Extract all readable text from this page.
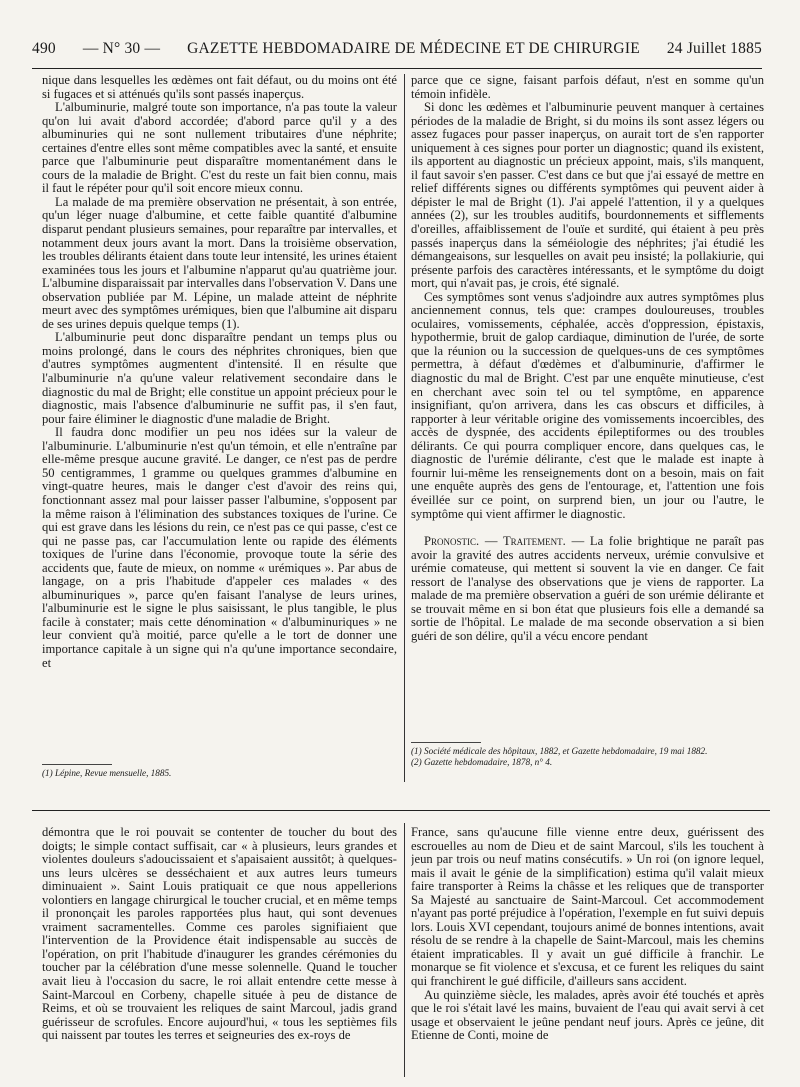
490 — N° 30 — GAZETTE HEBDOMADAIRE DE MÉDECINE ET DE CHIRURGIE 24 Juillet 1885

nique dans lesquelles les œdèmes ont fait défaut, ou du moins ont été si fugaces et si atténués qu'ils sont passés inaperçus.

L'albuminurie, malgré toute son importance, n'a pas toute la valeur qu'on lui avait d'abord accordée; d'abord parce qu'il y a des albuminuries qui ne sont nullement tributaires d'une néphrite; certaines d'entre elles sont même compatibles avec la santé, et ensuite parce que l'albuminurie peut disparaître momentanément dans le cours de la maladie de Bright. C'est du reste un fait bien connu, mais il faut le répéter pour qu'il soit encore mieux connu.

La malade de ma première observation ne présentait, à son entrée, qu'un léger nuage d'albumine, et cette faible quantité d'albumine disparut pendant plusieurs semaines, pour reparaître par intervalles, et notamment deux jours avant la mort. Dans la troisième observation, les troubles délirants étaient dans toute leur intensité, les urines étaient examinées tous les jours et l'albumine n'apparut qu'au quatrième jour. L'albumine disparaissait par intervalles dans l'observation V. Dans une observation publiée par M. Lépine, un malade atteint de néphrite meurt avec des symptômes urémiques, bien que l'albumine ait disparu de ses urines depuis quelque temps (1).

L'albuminurie peut donc disparaître pendant un temps plus ou moins prolongé, dans le cours des néphrites chroniques, bien que d'autres symptômes augmentent d'intensité. Il en résulte que l'albuminurie n'a qu'une valeur relativement secondaire dans le diagnostic du mal de Bright; elle constitue un appoint précieux pour le diagnostic, mais l'absence d'albuminurie ne suffit pas, il s'en faut, pour faire éliminer le diagnostic d'une maladie de Bright.

Il faudra donc modifier un peu nos idées sur la valeur de l'albuminurie. L'albuminurie n'est qu'un témoin, et elle n'entraîne par elle-même presque aucune gravité. Le danger, ce n'est pas de perdre 50 centigrammes, 1 gramme ou quelques grammes d'albumine en vingt-quatre heures, mais le danger c'est d'avoir des reins qui, fonctionnant assez mal pour laisser passer l'albumine, s'opposent par la même raison à l'élimination des substances toxiques de l'urine. Ce qui est grave dans les lésions du rein, ce n'est pas ce qui passe, c'est ce qui ne passe pas, car l'accumulation lente ou rapide des éléments toxiques de l'urine dans l'économie, provoque toute la série des accidents que, faute de mieux, on nomme « urémiques ». Par abus de langage, on a pris l'habitude d'appeler ces malades « des albuminuriques », parce qu'en faisant l'analyse de leurs urines, l'albuminurie est le signe le plus saisissant, le plus tangible, le plus facile à constater; mais cette dénomination « d'albuminuriques » ne leur convient qu'à moitié, parce qu'elle a le tort de donner une importance capitale à un signe qui n'a qu'une importance secondaire, et

parce que ce signe, faisant parfois défaut, n'est en somme qu'un témoin infidèle.

Si donc les œdèmes et l'albuminurie peuvent manquer à certaines périodes de la maladie de Bright, si du moins ils sont assez légers ou assez fugaces pour passer inaperçus, on aurait tort de s'en rapporter uniquement à ces signes pour porter un diagnostic; quand ils existent, ils apportent au diagnostic un précieux appoint, mais, s'ils manquent, il faut savoir s'en passer. C'est dans ce but que j'ai essayé de mettre en relief différents signes ou différents symptômes qui peuvent aider à dépister le mal de Bright (1). J'ai appelé l'attention, il y a quelques années (2), sur les troubles auditifs, bourdonnements et sifflements d'oreilles, affaiblissement de l'ouïe et surdité, qui étaient à peu près passés inaperçus dans la séméiologie des néphrites; j'ai étudié les démangeaisons, sur lesquelles on avait peu insisté; la pollakiurie, qui présente parfois des caractères intéressants, et le symptôme du doigt mort, qui n'avait pas, je crois, été signalé.

Ces symptômes sont venus s'adjoindre aux autres symptômes plus anciennement connus, tels que: crampes douloureuses, troubles oculaires, vomissements, céphalée, accès d'oppression, épistaxis, hypothermie, bruit de galop cardiaque, diminution de l'urée, de sorte que la réunion ou la succession de quelques-uns de ces symptômes permettra, à défaut d'œdèmes et d'albuminurie, d'affirmer le diagnostic du mal de Bright. C'est par une enquête minutieuse, c'est en cherchant avec soin tel ou tel symptôme, en apparence insignifiant, qu'on arrivera, dans les cas obscurs et difficiles, à rapporter à leur véritable origine des vomissements incoercibles, des accès de dyspnée, des accidents épileptiformes ou des troubles délirants. Ce qui pourra compliquer encore, dans quelques cas, le diagnostic de l'urémie délirante, c'est que le malade est inapte à fournir lui-même les renseignements dont on a besoin, mais on fait une enquête auprès des gens de l'entourage, et, l'attention une fois éveillée sur ce point, on surprend bien, un jour ou l'autre, le symptôme qui vient affirmer le diagnostic.

Pronostic. — Traitement. — La folie brightique ne paraît pas avoir la gravité des autres accidents nerveux, urémie convulsive et urémie comateuse, qui mettent si souvent la vie en danger. Ce fait ressort de l'analyse des observations que je viens de rapporter. La malade de ma première observation a guéri de son urémie délirante et se trouvait même en si bon état que plusieurs fois elle a demandé sa sortie de l'hôpital. Le malade de ma seconde observation a si bien guéri de son délire, qu'il a vécu encore pendant

(1) Lépine, Revue mensuelle, 1885.
(1) Société médicale des hôpitaux, 1882, et Gazette hebdomadaire, 19 mai 1882.
(2) Gazette hebdomadaire, 1878, n° 4.

démontra que le roi pouvait se contenter de toucher du bout des doigts; le simple contact suffisait, car « à plusieurs, leurs grandes et violentes douleurs s'adoucissaient et s'apaisaient aussitôt; à quelques-uns leurs ulcères se desséchaient et aux autres leurs tumeurs diminuaient ». Saint Louis pratiquait ce que nous appellerions volontiers en langage chirurgical le toucher crucial, et en même temps il prononçait les paroles rapportées plus haut, qui sont devenues vraiment sacramentelles. Comme ces paroles signifiaient que l'intervention de la Providence était indispensable au succès de l'opération, on prit l'habitude d'inaugurer les grandes cérémonies du toucher par la célébration d'une messe solennelle. Quand le toucher avait lieu à l'occasion du sacre, le roi allait entendre cette messe à Saint-Marcoul en Corbeny, chapelle située à peu de distance de Reims, et où se trouvaient les reliques de saint Marcoul, jadis grand guérisseur de scrofules. Encore aujourd'hui, « tous les septièmes fils qui naissent par toutes les terres et seigneuries des ex-roys de

France, sans qu'aucune fille vienne entre deux, guérissent des escrouelles au nom de Dieu et de saint Marcoul, s'ils les touchent à jeun par trois ou neuf matins consécutifs. » Un roi (on ignore lequel, mais il avait le génie de la simplification) estima qu'il valait mieux faire transporter à Reims la châsse et les reliques que de transporter Sa Majesté au sanctuaire de Saint-Marcoul. Cet accommodement n'ayant pas porté préjudice à l'opération, l'exemple en fut suivi depuis lors. Louis XVI cependant, toujours animé de bonnes intentions, avait résolu de se rendre à la chapelle de Saint-Marcoul, mais les chemins étaient impraticables. Il y avait un gué difficile à franchir. Le monarque se fit violence et s'excusa, et ce furent les reliques du saint qui franchirent le gué difficile, d'ailleurs sans accident.

Au quinzième siècle, les malades, après avoir été touchés et après que le roi s'était lavé les mains, buvaient de l'eau qui avait servi à cet usage et observaient le jeûne pendant neuf jours. Après ce jeûne, dit Etienne de Conti, moine de
